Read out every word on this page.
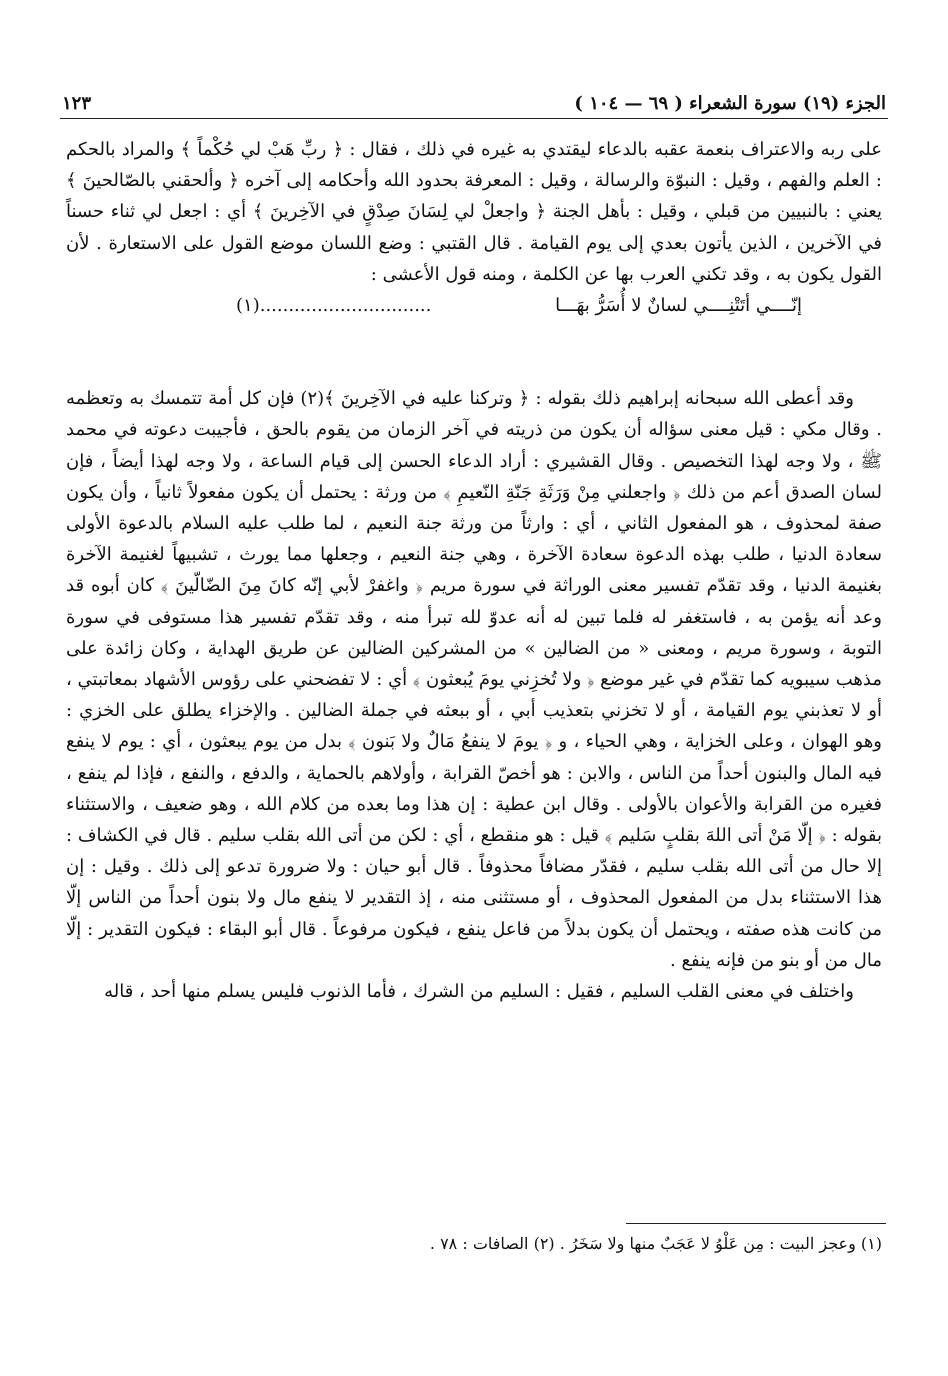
الجزء (١٩) سورة الشعراء ( ٦٩ — ١٠٤ )
١٢٣

على ربه والاعتراف بنعمة عقبه بالدعاء ليقتدي به غيره في ذلك ، فقال : ﴿ ربِّ هَبْ لي حُكْماً ﴾ والمراد بالحكم : العلم والفهم ، وقيل : النبوّة والرسالة ، وقيل : المعرفة بحدود الله وأحكامه إلى آخره ﴿ وألحقني بالصّالحينَ ﴾ يعني : بالنبيين من قبلي ، وقيل : بأهل الجنة ﴿ واجعلْ لي لِسَانَ صِدْقٍ في الآخِرينَ ﴾ أي : اجعل لي ثناء حسناً في الآخرين ، الذين يأتون بعدي إلى يوم القيامة . قال القتبي : وضع اللسان موضع القول على الاستعارة . لأن القول يكون به ، وقد تكني العرب بها عن الكلمة ، ومنه قول الأعشى :

إنّــــي أتَتْنِــــي لسانٌ لا أُسَرُّ بهَـــا
..............................(١)

وقد أعطى الله سبحانه إبراهيم ذلك بقوله : ﴿ وتركنا عليه في الآخِرينَ ﴾(٢) فإن كل أمة تتمسك به وتعظمه . وقال مكي : قيل معنى سؤاله أن يكون من ذريته في آخر الزمان من يقوم بالحق ، فأجيبت دعوته في محمد ﷺ ، ولا وجه لهذا التخصيص . وقال القشيري : أراد الدعاء الحسن إلى قيام الساعة ، ولا وجه لهذا أيضاً ، فإن لسان الصدق أعم من ذلك ﴿ واجعلني مِنْ وَرَثَةِ جَنّةِ النّعيمِ ﴾ من ورثة : يحتمل أن يكون مفعولاً ثانياً ، وأن يكون صفة لمحذوف ، هو المفعول الثاني ، أي : وارثاً من ورثة جنة النعيم ، لما طلب عليه السلام بالدعوة الأولى سعادة الدنيا ، طلب بهذه الدعوة سعادة الآخرة ، وهي جنة النعيم ، وجعلها مما يورث ، تشبيهاً لغنيمة الآخرة بغنيمة الدنيا ، وقد تقدّم تفسير معنى الوراثة في سورة مريم ﴿ واغفرْ لأبي إنّه كانَ مِنَ الضّالّينَ ﴾ كان أبوه قد وعد أنه يؤمن به ، فاستغفر له فلما تبين له أنه عدوّ لله تبرأ منه ، وقد تقدّم تفسير هذا مستوفى في سورة التوبة ، وسورة مريم ، ومعنى « من الضالين » من المشركين الضالين عن طريق الهداية ، وكان زائدة على مذهب سيبويه كما تقدّم في غير موضع ﴿ ولا تُخزِني يومَ يُبعثون ﴾ أي : لا تفضحني على رؤوس الأشهاد بمعاتبتي ، أو لا تعذبني يوم القيامة ، أو لا تخزني بتعذيب أبي ، أو ببعثه في جملة الضالين . والإخزاء يطلق على الخزي : وهو الهوان ، وعلى الخزاية ، وهي الحياء ، و ﴿ يومَ لا ينفعُ مَالٌ ولا بَنون ﴾ بدل من يوم يبعثون ، أي : يوم لا ينفع فيه المال والبنون أحداً من الناس ، والابن : هو أخصّ القرابة ، وأولاهم بالحماية ، والدفع ، والنفع ، فإذا لم ينفع ، فغيره من القرابة والأعوان بالأولى . وقال ابن عطية : إن هذا وما بعده من كلام الله ، وهو ضعيف ، والاستثناء بقوله : ﴿ إلّا مَنْ أتى اللهَ بقلبٍ سَليم ﴾ قيل : هو منقطع ، أي : لكن من أتى الله بقلب سليم . قال في الكشاف : إلا حال من أتى الله بقلب سليم ، فقدّر مضافاً محذوفاً . قال أبو حيان : ولا ضرورة تدعو إلى ذلك . وقيل : إن هذا الاستثناء بدل من المفعول المحذوف ، أو مستثنى منه ، إذ التقدير لا ينفع مال ولا بنون أحداً من الناس إلّا من كانت هذه صفته ، ويحتمل أن يكون بدلاً من فاعل ينفع ، فيكون مرفوعاً . قال أبو البقاء : فيكون التقدير : إلّا مال من أو بنو من فإنه ينفع .

واختلف في معنى القلب السليم ، فقيل : السليم من الشرك ، فأما الذنوب فليس يسلم منها أحد ، قاله

(١) وعجز البيت : مِن عَلْوُ لا عَجَبٌ منها ولا سَخَرُ . (٢) الصافات : ٧٨ .
